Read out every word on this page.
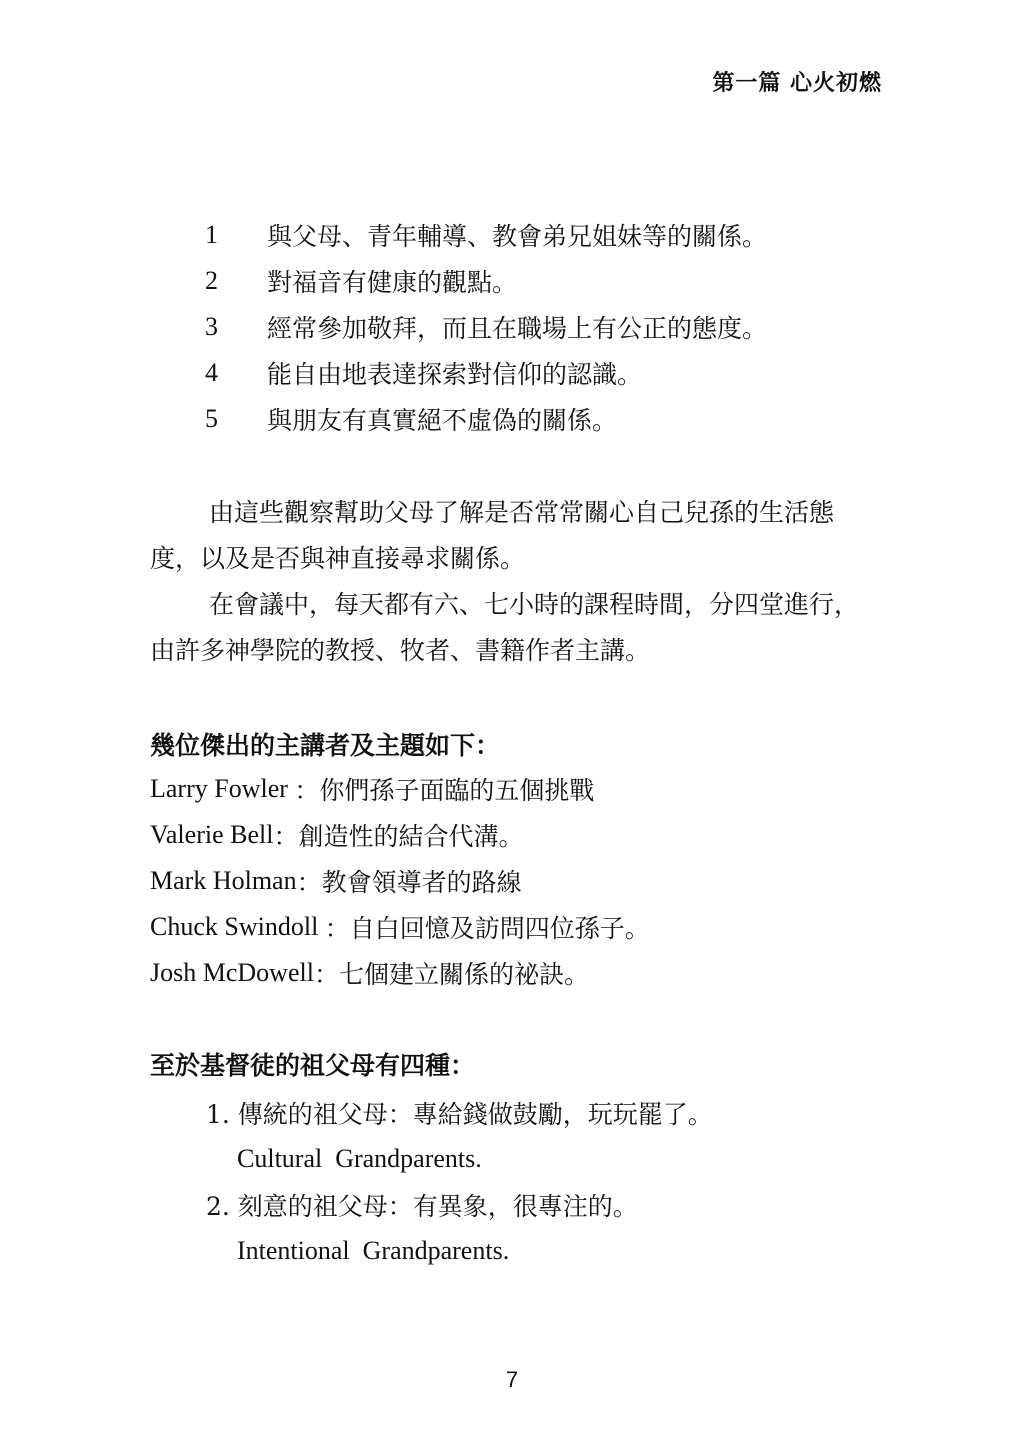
第一篇 心火初燃
1	與父母、青年輔導、教會弟兄姐妹等的關係。
2	對福音有健康的觀點。
3	經常參加敬拜，而且在職場上有公正的態度。
4	能自由地表達探索對信仰的認識。
5	與朋友有真實絕不虛偽的關係。

由這些觀察幫助父母了解是否常常關心自己兒孫的生活態度，以及是否與神直接尋求關係。

在會議中，每天都有六、七小時的課程時間，分四堂進行，由許多神學院的教授、牧者、書籍作者主講。

幾位傑出的主講者及主題如下：
Larry Fowler ：你們孫子面臨的五個挑戰
Valerie Bell ：創造性的結合代溝。
Mark Holman ：教會領導者的路線
Chuck Swindoll ：自白回憶及訪問四位孫子。
Josh McDowell ：七個建立關係的祕訣。
至於基督徒的祖父母有四種：
1. 傳統的祖父母：專給錢做鼓勵，玩玩罷了。
Cultural  Grandparents.
2. 刻意的祖父母：有異象，很專注的。
Intentional  Grandparents.
7
